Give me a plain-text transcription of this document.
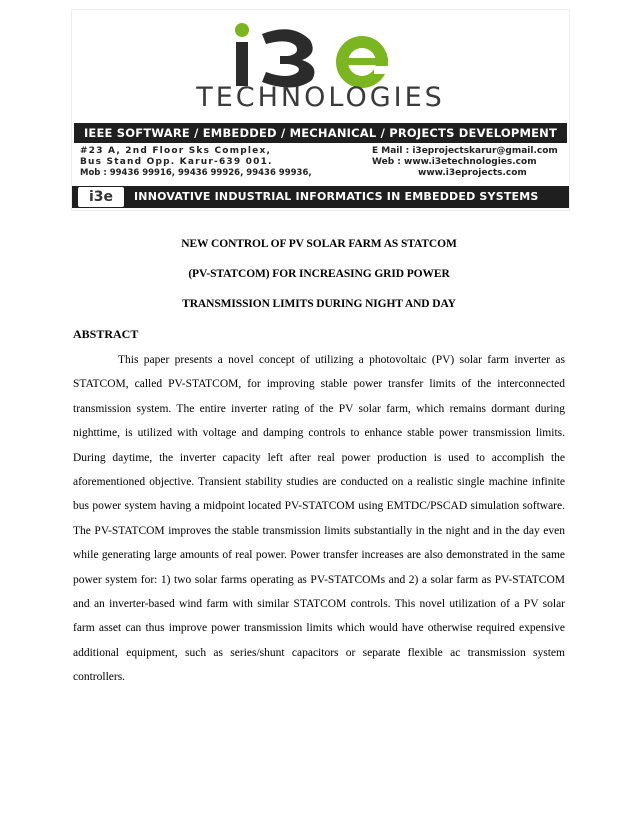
TECHNOLOGIES
IEEE SOFTWARE / EMBEDDED / MECHANICAL / PROJECTS DEVELOPMENT
#23 A, 2nd Floor Sks Complex,
Bus Stand Opp. Karur-639 001.
Mob : 99436 99916, 99436 99926, 99436 99936,
E Mail : i3eprojectskarur@gmail.com
Web : www.i3etechnologies.com
www.i3eprojects.com
i3e	INNOVATIVE INDUSTRIAL INFORMATICS IN EMBEDDED SYSTEMS
NEW CONTROL OF PV SOLAR FARM AS STATCOM
(PV-STATCOM) FOR INCREASING GRID POWER
TRANSMISSION LIMITS DURING NIGHT AND DAY
ABSTRACT

This paper presents a novel concept of utilizing a photovoltaic (PV) solar farm inverter as STATCOM, called PV-STATCOM, for improving stable power transfer limits of the interconnected transmission system. The entire inverter rating of the PV solar farm, which remains dormant during nighttime, is utilized with voltage and damping controls to enhance stable power transmission limits. During daytime, the inverter capacity left after real power production is used to accomplish the aforementioned objective. Transient stability studies are conducted on a realistic single machine infinite bus power system having a midpoint located PV-STATCOM using EMTDC/PSCAD simulation software. The PV-STATCOM improves the stable transmission limits substantially in the night and in the day even while generating large amounts of real power. Power transfer increases are also demonstrated in the same power system for: 1) two solar farms operating as PV-STATCOMs and 2) a solar farm as PV-STATCOM and an inverter-based wind farm with similar STATCOM controls. This novel utilization of a PV solar farm asset can thus improve power transmission limits which would have otherwise required expensive additional equipment, such as series/shunt capacitors or separate flexible ac transmission system controllers.
